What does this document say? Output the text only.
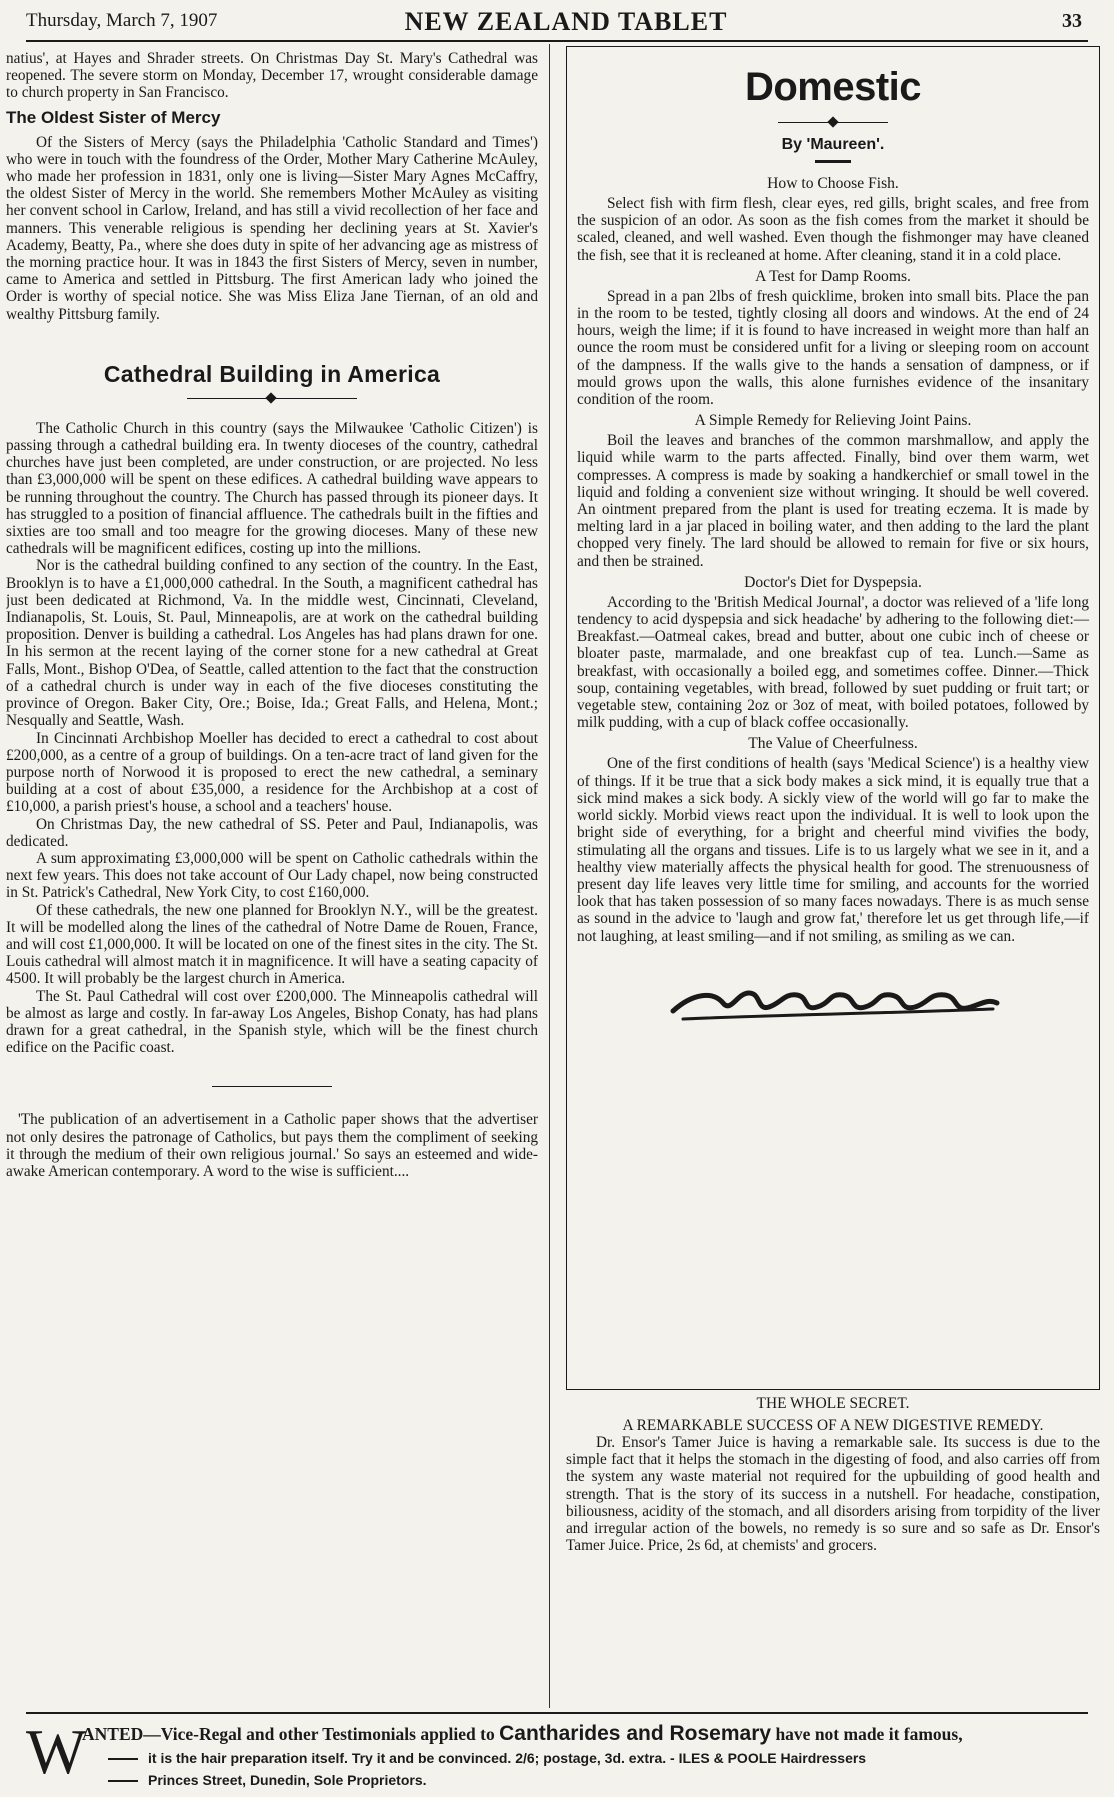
Thursday, March 7, 1907	NEW ZEALAND TABLET	33

natius', at Hayes and Shrader streets. On Christmas Day St. Mary's Cathedral was reopened. The severe storm on Monday, December 17, wrought considerable damage to church property in San Francisco.

The Oldest Sister of Mercy

Of the Sisters of Mercy (says the Philadelphia 'Catholic Standard and Times') who were in touch with the foundress of the Order, Mother Mary Catherine McAuley, who made her profession in 1831, only one is living—Sister Mary Agnes McCaffry, the oldest Sister of Mercy in the world. She remembers Mother McAuley as visiting her convent school in Carlow, Ireland, and has still a vivid recollection of her face and manners. This venerable religious is spending her declining years at St. Xavier's Academy, Beatty, Pa., where she does duty in spite of her advancing age as mistress of the morning practice hour. It was in 1843 the first Sisters of Mercy, seven in number, came to America and settled in Pittsburg. The first American lady who joined the Order is worthy of special notice. She was Miss Eliza Jane Tiernan, of an old and wealthy Pittsburg family.

Cathedral Building in America

The Catholic Church in this country (says the Milwaukee 'Catholic Citizen') is passing through a cathedral building era. In twenty dioceses of the country, cathedral churches have just been completed, are under construction, or are projected. No less than £3,000,000 will be spent on these edifices. A cathedral building wave appears to be running throughout the country. The Church has passed through its pioneer days. It has struggled to a position of financial affluence. The cathedrals built in the fifties and sixties are too small and too meagre for the growing dioceses. Many of these new cathedrals will be magnificent edifices, costing up into the millions.

Nor is the cathedral building confined to any section of the country. In the East, Brooklyn is to have a £1,000,000 cathedral. In the South, a magnificent cathedral has just been dedicated at Richmond, Va. In the middle west, Cincinnati, Cleveland, Indianapolis, St. Louis, St. Paul, Minneapolis, are at work on the cathedral building proposition. Denver is building a cathedral. Los Angeles has had plans drawn for one. In his sermon at the recent laying of the corner stone for a new cathedral at Great Falls, Mont., Bishop O'Dea, of Seattle, called attention to the fact that the construction of a cathedral church is under way in each of the five dioceses constituting the province of Oregon. Baker City, Ore.; Boise, Ida.; Great Falls, and Helena, Mont.; Nesqually and Seattle, Wash.

In Cincinnati Archbishop Moeller has decided to erect a cathedral to cost about £200,000, as a centre of a group of buildings. On a ten-acre tract of land given for the purpose north of Norwood it is proposed to erect the new cathedral, a seminary building at a cost of about £35,000, a residence for the Archbishop at a cost of £10,000, a parish priest's house, a school and a teachers' house.

On Christmas Day, the new cathedral of SS. Peter and Paul, Indianapolis, was dedicated.

A sum approximating £3,000,000 will be spent on Catholic cathedrals within the next few years. This does not take account of Our Lady chapel, now being constructed in St. Patrick's Cathedral, New York City, to cost £160,000.

Of these cathedrals, the new one planned for Brooklyn N.Y., will be the greatest. It will be modelled along the lines of the cathedral of Notre Dame de Rouen, France, and will cost £1,000,000. It will be located on one of the finest sites in the city. The St. Louis cathedral will almost match it in magnificence. It will have a seating capacity of 4500. It will probably be the largest church in America.

The St. Paul Cathedral will cost over £200,000. The Minneapolis cathedral will be almost as large and costly. In far-away Los Angeles, Bishop Conaty, has had plans drawn for a great cathedral, in the Spanish style, which will be the finest church edifice on the Pacific coast.

'The publication of an advertisement in a Catholic paper shows that the advertiser not only desires the patronage of Catholics, but pays them the compliment of seeking it through the medium of their own religious journal.' So says an esteemed and wide-awake American contemporary. A word to the wise is sufficient....

Domestic
By 'Maureen'.
How to Choose Fish.

Select fish with firm flesh, clear eyes, red gills, bright scales, and free from the suspicion of an odor. As soon as the fish comes from the market it should be scaled, cleaned, and well washed. Even though the fishmonger may have cleaned the fish, see that it is recleaned at home. After cleaning, stand it in a cold place.

A Test for Damp Rooms.

Spread in a pan 2lbs of fresh quicklime, broken into small bits. Place the pan in the room to be tested, tightly closing all doors and windows. At the end of 24 hours, weigh the lime; if it is found to have increased in weight more than half an ounce the room must be considered unfit for a living or sleeping room on account of the dampness. If the walls give to the hands a sensation of dampness, or if mould grows upon the walls, this alone furnishes evidence of the insanitary condition of the room.

A Simple Remedy for Relieving Joint Pains.

Boil the leaves and branches of the common marshmallow, and apply the liquid while warm to the parts affected. Finally, bind over them warm, wet compresses. A compress is made by soaking a handkerchief or small towel in the liquid and folding a convenient size without wringing. It should be well covered. An ointment prepared from the plant is used for treating eczema. It is made by melting lard in a jar placed in boiling water, and then adding to the lard the plant chopped very finely. The lard should be allowed to remain for five or six hours, and then be strained.

Doctor's Diet for Dyspepsia.

According to the 'British Medical Journal', a doctor was relieved of a 'life long tendency to acid dyspepsia and sick headache' by adhering to the following diet:—Breakfast.—Oatmeal cakes, bread and butter, about one cubic inch of cheese or bloater paste, marmalade, and one breakfast cup of tea. Lunch.—Same as breakfast, with occasionally a boiled egg, and sometimes coffee. Dinner.—Thick soup, containing vegetables, with bread, followed by suet pudding or fruit tart; or vegetable stew, containing 2oz or 3oz of meat, with boiled potatoes, followed by milk pudding, with a cup of black coffee occasionally.

The Value of Cheerfulness.

One of the first conditions of health (says 'Medical Science') is a healthy view of things. If it be true that a sick body makes a sick mind, it is equally true that a sick mind makes a sick body. A sickly view of the world will go far to make the world sickly. Morbid views react upon the individual. It is well to look upon the bright side of everything, for a bright and cheerful mind vivifies the body, stimulating all the organs and tissues. Life is to us largely what we see in it, and a healthy view materially affects the physical health for good. The strenuousness of present day life leaves very little time for smiling, and accounts for the worried look that has taken possession of so many faces nowadays. There is as much sense as sound in the advice to 'laugh and grow fat,' therefore let us get through life,—if not laughing, at least smiling—and if not smiling, as smiling as we can.

THE WHOLE SECRET.
A REMARKABLE SUCCESS OF A NEW DIGESTIVE REMEDY.

Dr. Ensor's Tamer Juice is having a remarkable sale. Its success is due to the simple fact that it helps the stomach in the digesting of food, and also carries off from the system any waste material not required for the upbuilding of good health and strength. That is the story of its success in a nutshell. For headache, constipation, biliousness, acidity of the stomach, and all disorders arising from torpidity of the liver and irregular action of the bowels, no remedy is so sure and so safe as Dr. Ensor's Tamer Juice. Price, 2s 6d, at chemists' and grocers.

W
ANTED—Vice-Regal and other Testimonials applied to Cantharides and Rosemary have not made it famous,
it is the hair preparation itself. Try it and be convinced. 2/6; postage, 3d. extra. - ILES & POOLE Hairdressers
Princes Street, Dunedin, Sole Proprietors.
